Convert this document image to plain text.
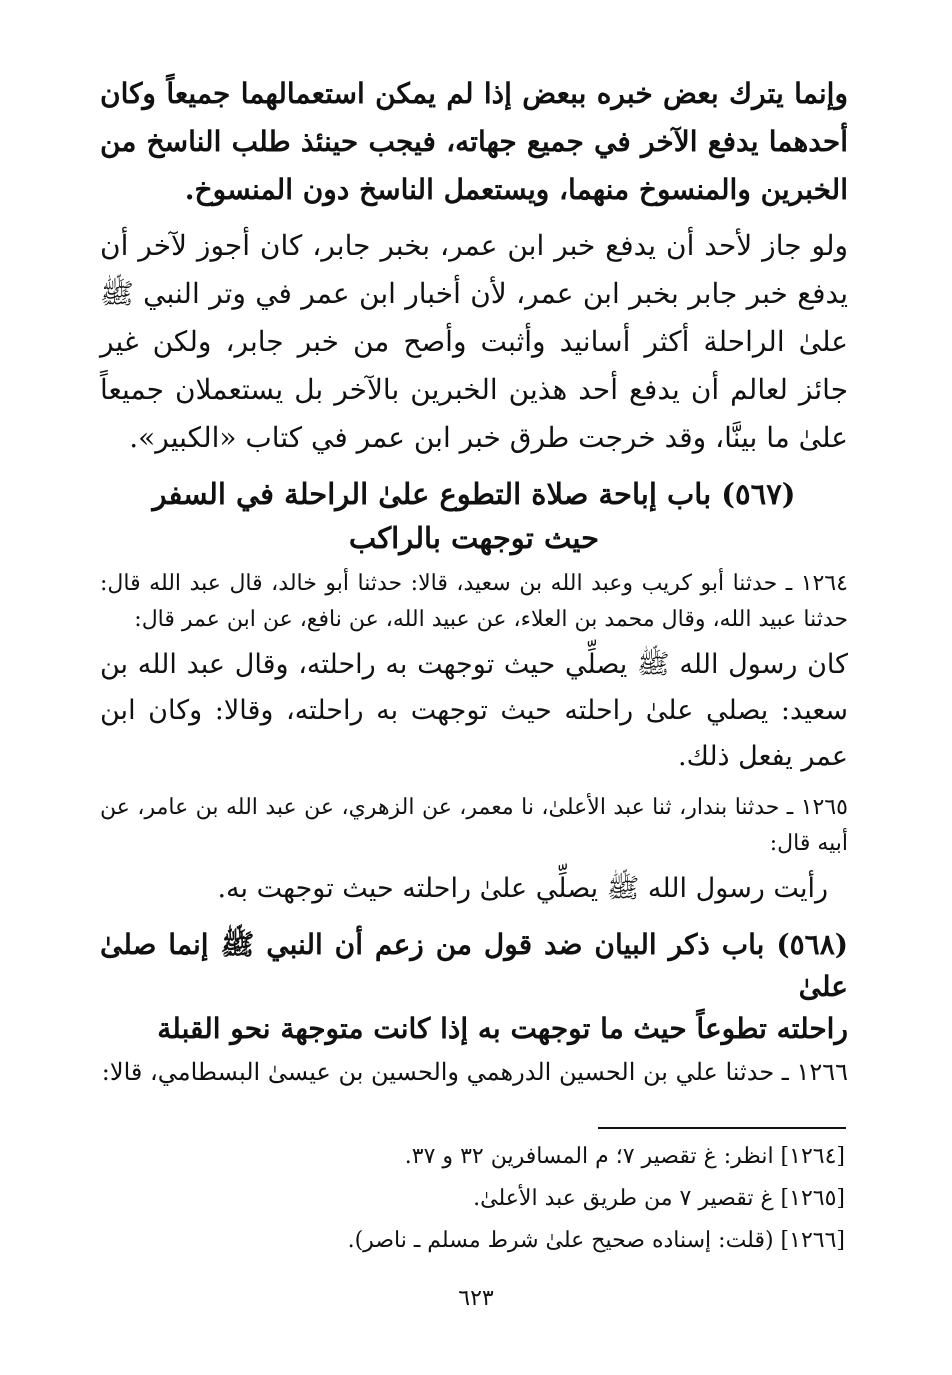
وإنما يترك بعض خبره ببعض إذا لم يمكن استعمالهما جميعاً وكان أحدهما يدفع الآخر في جميع جهاته، فيجب حينئذ طلب الناسخ من الخبرين والمنسوخ منهما، ويستعمل الناسخ دون المنسوخ.

ولو جاز لأحد أن يدفع خبر ابن عمر، بخبر جابر، كان أجوز لآخر أن يدفع خبر جابر بخبر ابن عمر، لأن أخبار ابن عمر في وتر النبي ﷺ علىٰ الراحلة أكثر أسانيد وأثبت وأصح من خبر جابر، ولكن غير جائز لعالم أن يدفع أحد هذين الخبرين بالآخر بل يستعملان جميعاً علىٰ ما بينَّا، وقد خرجت طرق خبر ابن عمر في كتاب «الكبير».

(٥٦٧) باب إباحة صلاة التطوع علىٰ الراحلة في السفر
حيث توجهت بالراكب

١٢٦٤ ـ حدثنا أبو كريب وعبد الله بن سعيد، قالا: حدثنا أبو خالد، قال عبد الله قال: حدثنا عبيد الله، وقال محمد بن العلاء، عن عبيد الله، عن نافع، عن ابن عمر قال:

كان رسول الله ﷺ يصلِّي حيث توجهت به راحلته، وقال عبد الله بن سعيد: يصلي علىٰ راحلته حيث توجهت به راحلته، وقالا: وكان ابن عمر يفعل ذلك.

١٢٦٥ ـ حدثنا بندار، ثنا عبد الأعلىٰ، نا معمر، عن الزهري، عن عبد الله بن عامر، عن أبيه قال:

رأيت رسول الله ﷺ يصلِّي علىٰ راحلته حيث توجهت به.

(٥٦٨) باب ذكر البيان ضد قول من زعم أن النبي ﷺ إنما صلىٰ علىٰ
راحلته تطوعاً حيث ما توجهت به إذا كانت متوجهة نحو القبلة

١٢٦٦ ـ حدثنا علي بن الحسين الدرهمي والحسين بن عيسىٰ البسطامي، قالا:

[١٢٦٤] انظر: غ تقصير ٧؛ م المسافرين ٣٢ و ٣٧.
[١٢٦٥] غ تقصير ٧ من طريق عبد الأعلىٰ.
[١٢٦٦] (قلت: إسناده صحيح علىٰ شرط مسلم ـ ناصر).
٦٢٣
